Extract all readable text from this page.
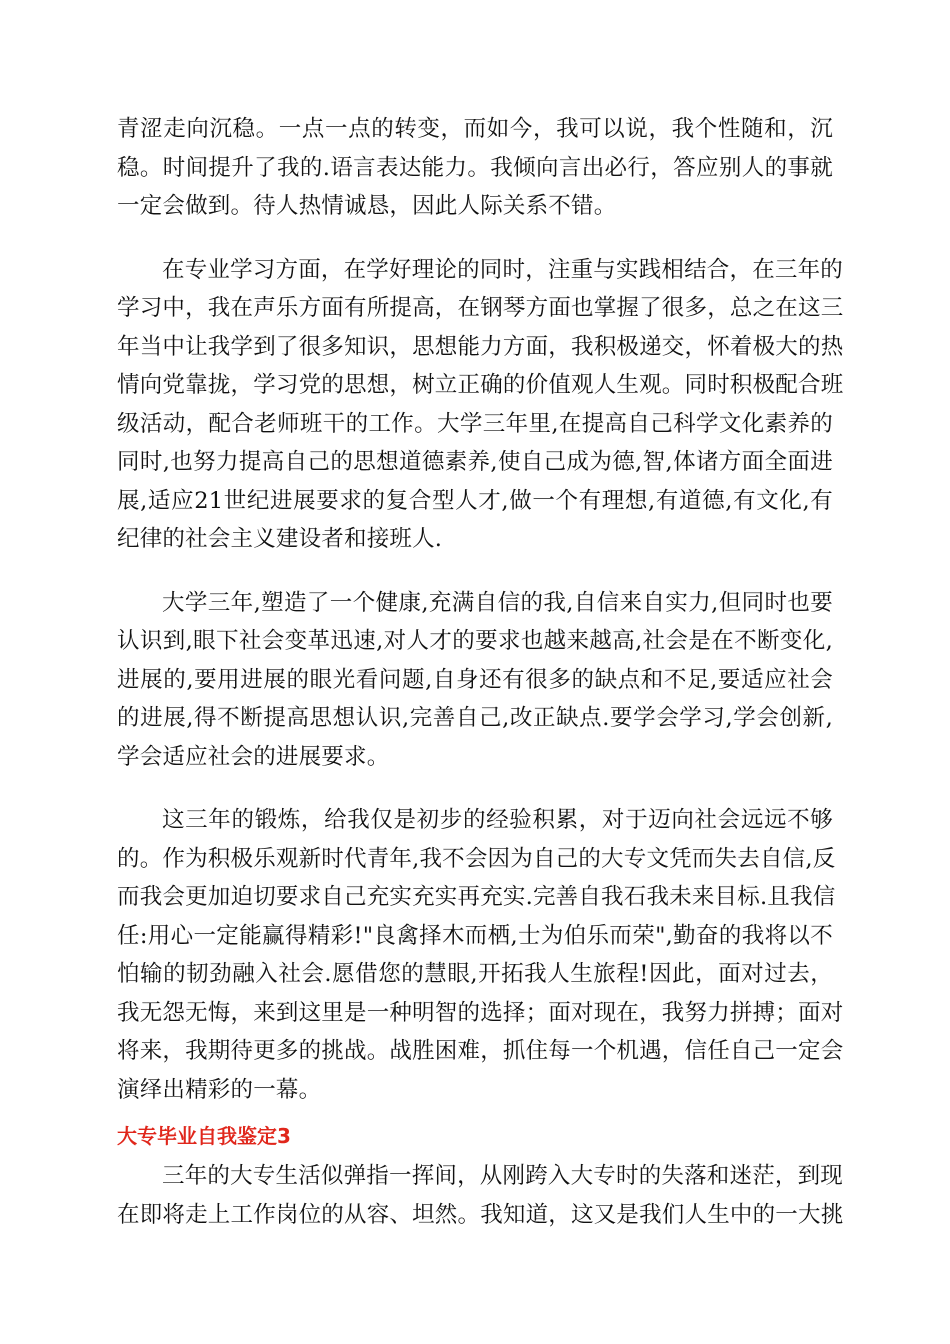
青涩走向沉稳。一点一点的转变，而如今，我可以说，我个性随和，沉
稳。时间提升了我的.语言表达能力。我倾向言出必行，答应别人的事就
一定会做到。待人热情诚恳，因此人际关系不错。
在专业学习方面，在学好理论的同时，注重与实践相结合，在三年的
学习中，我在声乐方面有所提高，在钢琴方面也掌握了很多，总之在这三
年当中让我学到了很多知识，思想能力方面，我积极递交，怀着极大的热
情向党靠拢，学习党的思想，树立正确的价值观人生观。同时积极配合班
级活动，配合老师班干的工作。大学三年里,在提高自己科学文化素养的
同时,也努力提高自己的思想道德素养,使自己成为德,智,体诸方面全面进
展,适应21世纪进展要求的复合型人才,做一个有理想,有道德,有文化,有
纪律的社会主义建设者和接班人.
大学三年,塑造了一个健康,充满自信的我,自信来自实力,但同时也要
认识到,眼下社会变革迅速,对人才的要求也越来越高,社会是在不断变化,
进展的,要用进展的眼光看问题,自身还有很多的缺点和不足,要适应社会
的进展,得不断提高思想认识,完善自己,改正缺点.要学会学习,学会创新,
学会适应社会的进展要求。
这三年的锻炼，给我仅是初步的经验积累，对于迈向社会远远不够
的。作为积极乐观新时代青年,我不会因为自己的大专文凭而失去自信,反
而我会更加迫切要求自己充实充实再充实.完善自我石我未来目标.且我信
任:用心一定能赢得精彩!"良禽择木而栖,士为伯乐而荣",勤奋的我将以不
怕输的韧劲融入社会.愿借您的慧眼,开拓我人生旅程!因此，面对过去，
我无怨无悔，来到这里是一种明智的选择；面对现在，我努力拼搏；面对
将来，我期待更多的挑战。战胜困难，抓住每一个机遇，信任自己一定会
演绎出精彩的一幕。
大专毕业自我鉴定3
三年的大专生活似弹指一挥间，从刚跨入大专时的失落和迷茫，到现
在即将走上工作岗位的从容、坦然。我知道，这又是我们人生中的一大挑
